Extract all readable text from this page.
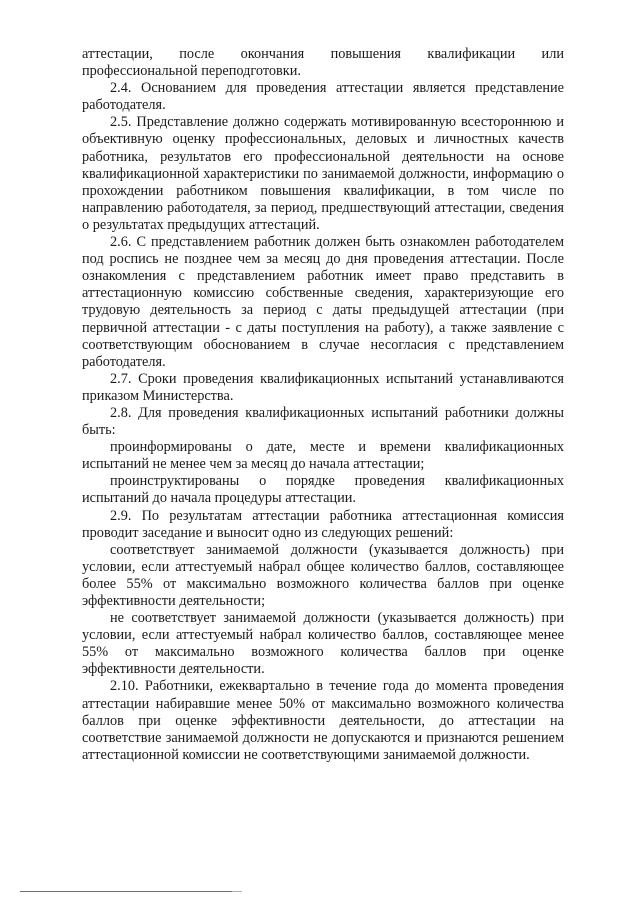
аттестации, после окончания повышения квалификации или профессиональной переподготовки.

2.4. Основанием для проведения аттестации является представление работодателя.

2.5. Представление должно содержать мотивированную всестороннюю и объективную оценку профессиональных, деловых и личностных качеств работника, результатов его профессиональной деятельности на основе квалификационной характеристики по занимаемой должности, информацию о прохождении работником повышения квалификации, в том числе по направлению работодателя, за период, предшествующий аттестации, сведения о результатах предыдущих аттестаций.

2.6. С представлением работник должен быть ознакомлен работодателем под роспись не позднее чем за месяц до дня проведения аттестации. После ознакомления с представлением работник имеет право представить в аттестационную комиссию собственные сведения, характеризующие его трудовую деятельность за период с даты предыдущей аттестации (при первичной аттестации - с даты поступления на работу), а также заявление с соответствующим обоснованием в случае несогласия с представлением работодателя.

2.7. Сроки проведения квалификационных испытаний устанавливаются приказом Министерства.

2.8. Для проведения квалификационных испытаний работники должны быть:

проинформированы о дате, месте и времени квалификационных испытаний не менее чем за месяц до начала аттестации;

проинструктированы о порядке проведения квалификационных испытаний до начала процедуры аттестации.

2.9. По результатам аттестации работника аттестационная комиссия проводит заседание и выносит одно из следующих решений:

соответствует занимаемой должности (указывается должность) при условии, если аттестуемый набрал общее количество баллов, составляющее более 55% от максимально возможного количества баллов при оценке эффективности деятельности;

не соответствует занимаемой должности (указывается должность) при условии, если аттестуемый набрал количество баллов, составляющее менее 55% от максимально возможного количества баллов при оценке эффективности деятельности.

2.10. Работники, ежеквартально в течение года до момента проведения аттестации набиравшие менее 50% от максимально возможного количества баллов при оценке эффективности деятельности, до аттестации на соответствие занимаемой должности не допускаются и признаются решением аттестационной комиссии не соответствующими занимаемой должности.
